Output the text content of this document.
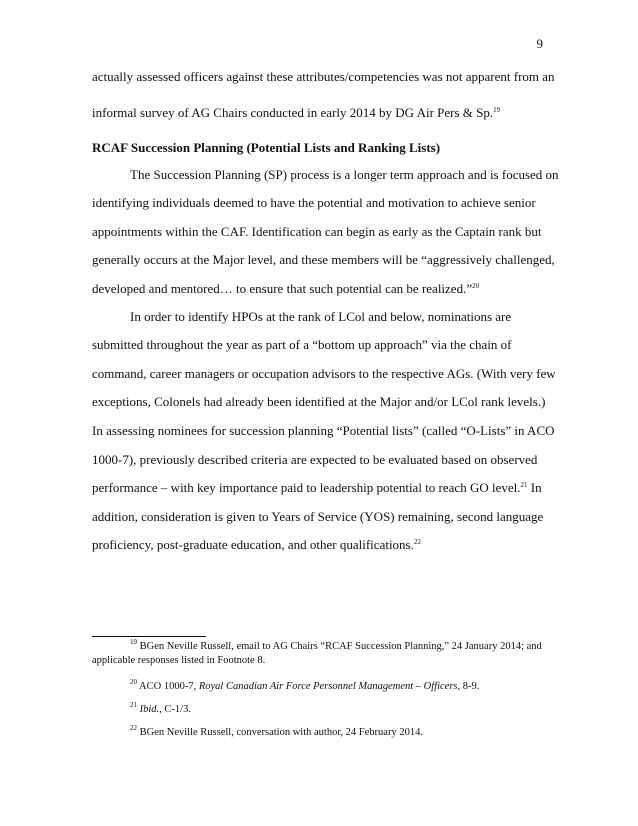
9
actually assessed officers against these attributes/competencies was not apparent from an
informal survey of AG Chairs conducted in early 2014 by DG Air Pers & Sp.$^{19}$
RCAF Succession Planning (Potential Lists and Ranking Lists)
The Succession Planning (SP) process is a longer term approach and is focused on
identifying individuals deemed to have the potential and motivation to achieve senior
appointments within the CAF. Identification can begin as early as the Captain rank but
generally occurs at the Major level, and these members will be “aggressively challenged,
developed and mentored… to ensure that such potential can be realized.”$^{20}$
In order to identify HPOs at the rank of LCol and below, nominations are
submitted throughout the year as part of a “bottom up approach” via the chain of
command, career managers or occupation advisors to the respective AGs. (With very few
exceptions, Colonels had already been identified at the Major and/or LCol rank levels.)
In assessing nominees for succession planning “Potential lists” (called “O-Lists” in ACO
1000-7), previously described criteria are expected to be evaluated based on observed
performance – with key importance paid to leadership potential to reach GO level.$^{21}$ In
addition, consideration is given to Years of Service (YOS) remaining, second language
proficiency, post-graduate education, and other qualifications.$^{22}$
$^{19}$ BGen Neville Russell, email to AG Chairs “RCAF Succession Planning,” 24 January 2014; and
applicable responses listed in Footnote 8.
$^{20}$ ACO 1000-7, Royal Canadian Air Force Personnel Management – Officers, 8-9.
$^{21}$ Ibid., C-1/3.
$^{22}$ BGen Neville Russell, conversation with author, 24 February 2014.
